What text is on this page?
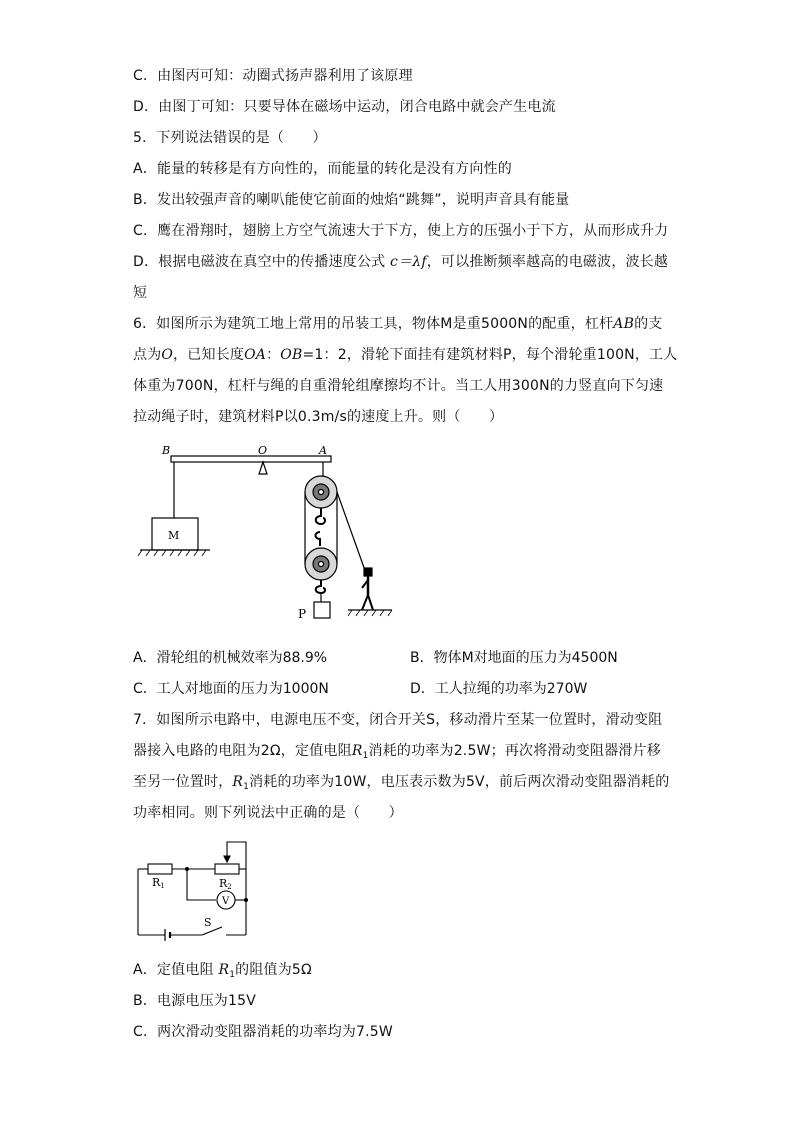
C．由图丙可知：动圈式扬声器利用了该原理
D．由图丁可知：只要导体在磁场中运动，闭合电路中就会产生电流
5．下列说法错误的是（　　）
A．能量的转移是有方向性的，而能量的转化是没有方向性的
B．发出较强声音的喇叭能使它前面的烛焰“跳舞”，说明声音具有能量
C．鹰在滑翔时，翅膀上方空气流速大于下方，使上方的压强小于下方，从而形成升力
D．根据电磁波在真空中的传播速度公式 c＝λf，可以推断频率越高的电磁波，波长越
短
6．如图所示为建筑工地上常用的吊装工具，物体M是重5000N的配重，杠杆AB的支
点为O，已知长度OA：OB=1：2，滑轮下面挂有建筑材料P，每个滑轮重100N，工人
体重为700N，杠杆与绳的自重滑轮组摩擦均不计。当工人用300N的力竖直向下匀速
拉动绳子时，建筑材料P以0.3m/s的速度上升。则（　　）
B	O	A
M
P
A．滑轮组的机械效率为88.9%	B．物体M对地面的压力为4500N
C．工人对地面的压力为1000N	D．工人拉绳的功率为270W
7．如图所示电路中，电源电压不变，闭合开关S，移动滑片至某一位置时，滑动变阻
器接入电路的电阻为2Ω，定值电阻$R_1$消耗的功率为2.5W；再次将滑动变阻器滑片移
至另一位置时，$R_1$消耗的功率为10W，电压表示数为5V，前后两次滑动变阻器消耗的
功率相同。则下列说法中正确的是（　　）
R1	R2
V
S
A．定值电阻 $R_1$的阻值为5Ω
B．电源电压为15V
C．两次滑动变阻器消耗的功率均为7.5W
